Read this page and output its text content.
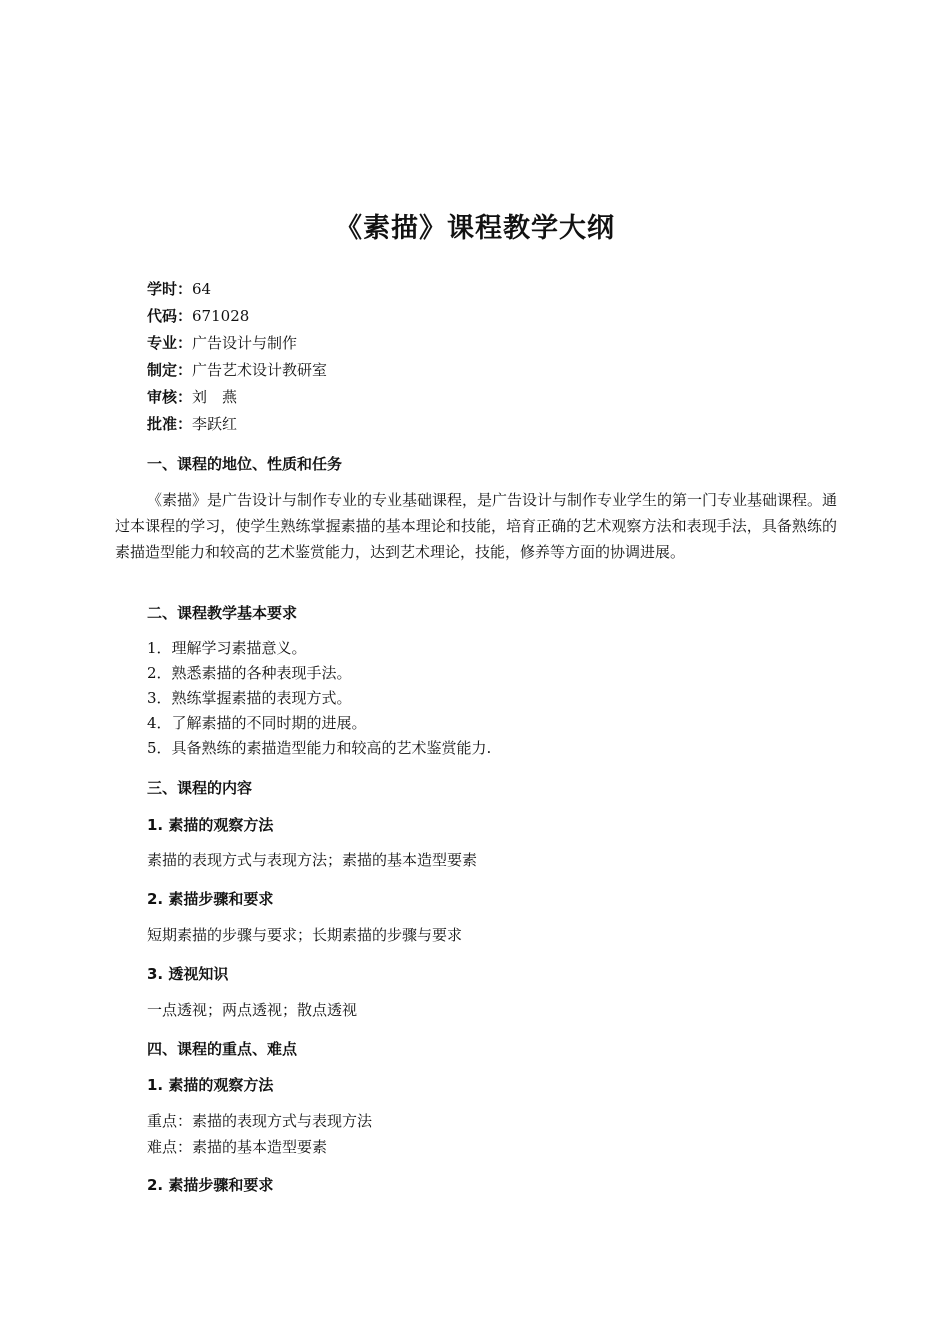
《素描》课程教学大纲
学时：64
代码：671028
专业：广告设计与制作
制定：广告艺术设计教研室
审核：刘　燕
批准：李跃红
一、课程的地位、性质和任务
《素描》是广告设计与制作专业的专业基础课程，是广告设计与制作专业学生的第一门专业基础课程。通过本课程的学习，使学生熟练掌握素描的基本理论和技能，培育正确的艺术观察方法和表现手法，具备熟练的素描造型能力和较高的艺术鉴赏能力，达到艺术理论，技能，修养等方面的协调进展。
二、课程教学基本要求
1．理解学习素描意义。
2．熟悉素描的各种表现手法。
3．熟练掌握素描的表现方式。
4．了解素描的不同时期的进展。
5．具备熟练的素描造型能力和较高的艺术鉴赏能力.
三、课程的内容
1. 素描的观察方法
素描的表现方式与表现方法；素描的基本造型要素
2. 素描步骤和要求
短期素描的步骤与要求；长期素描的步骤与要求
3. 透视知识
一点透视；两点透视；散点透视
四、课程的重点、难点
1. 素描的观察方法
重点：素描的表现方式与表现方法
难点：素描的基本造型要素
2. 素描步骤和要求
